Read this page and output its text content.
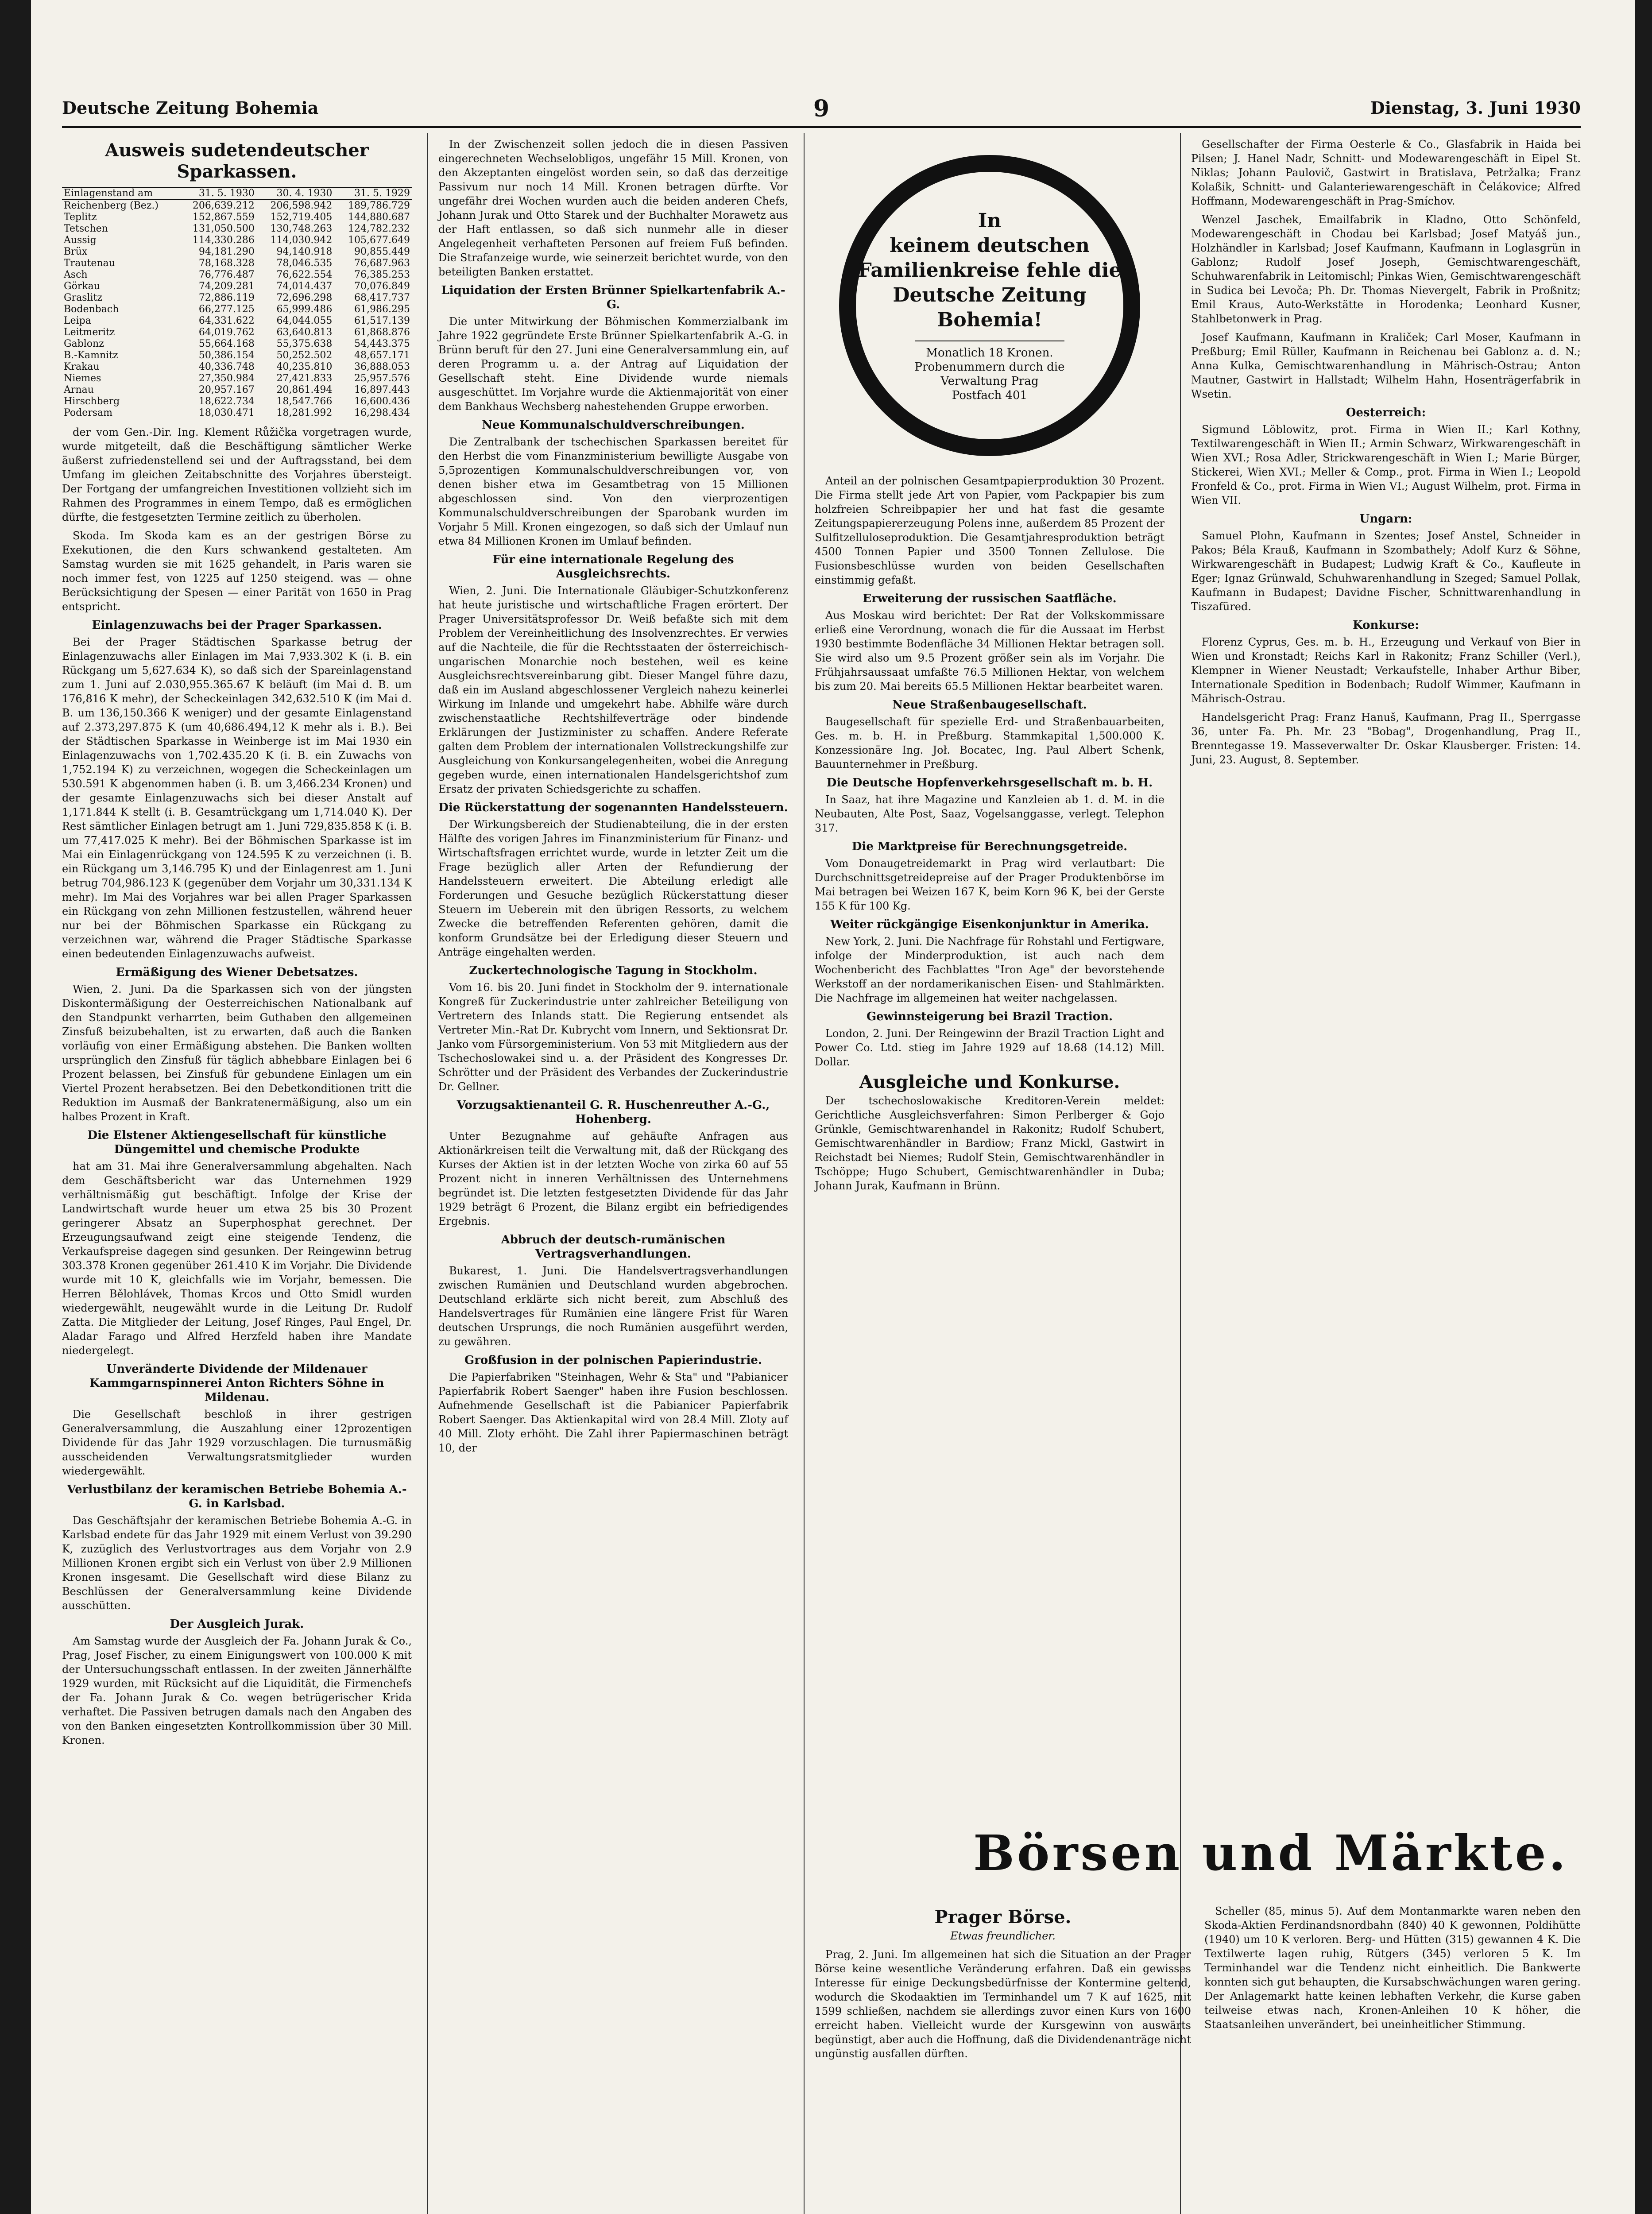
Deutsche Zeitung Bohemia	9	Dienstag, 3. Juni 1930
Ausweis sudetendeutscher Sparkassen.
Einlagenstand am	31. 5. 1930	30. 4. 1930	31. 5. 1929
Reichenberg (Bez.)	206,639.212	206,598.942	189,786.729
Teplitz	152,867.559	152,719.405	144,880.687
Tetschen	131,050.500	130,748.263	124,782.232
Aussig	114,330.286	114,030.942	105,677.649
Brüx	94,181.290	94,140.918	90,855.449
Trautenau	78,168.328	78,046.535	76,687.963
Asch	76,776.487	76,622.554	76,385.253
Görkau	74,209.281	74,014.437	70,076.849
Graslitz	72,886.119	72,696.298	68,417.737
Bodenbach	66,277.125	65,999.486	61,986.295
Leipa	64,331.622	64,044.055	61,517.139
Leitmeritz	64,019.762	63,640.813	61,868.876
Gablonz	55,664.168	55,375.638	54,443.375
B.-Kamnitz	50,386.154	50,252.502	48,657.171
Krakau	40,336.748	40,235.810	36,888.053
Niemes	27,350.984	27,421.833	25,957.576
Arnau	20,957.167	20,861.494	16,897.443
Hirschberg	18,622.734	18,547.766	16,600.436
Podersam	18,030.471	18,281.992	16,298.434

der vom Gen.-Dir. Ing. Klement Růžička vorgetragen wurde, wurde mitgeteilt, daß die Beschäftigung sämtlicher Werke äußerst zufriedenstellend sei und der Auftragsstand, bei dem Umfang im gleichen Zeitabschnitte des Vorjahres übersteigt. Der Fortgang der umfangreichen Investitionen vollzieht sich im Rahmen des Programmes in einem Tempo, daß es ermöglichen dürfte, die festgesetzten Termine zeitlich zu überholen.

Skoda. Im Skoda kam es an der gestrigen Börse zu Exekutionen, die den Kurs schwankend gestalteten. Am Samstag wurden sie mit 1625 gehandelt, in Paris waren sie noch immer fest, von 1225 auf 1250 steigend. was — ohne Berücksichtigung der Spesen — einer Parität von 1650 in Prag entspricht.

Einlagenzuwachs bei der Prager Sparkassen.

Bei der Prager Städtischen Sparkasse betrug der Einlagenzuwachs aller Einlagen im Mai 7,933.302 K (i. B. ein Rückgang um 5,627.634 K), so daß sich der Spareinlagenstand zum 1. Juni auf 2.030,955.365.67 K beläuft (im Mai d. B. um 176,816 K mehr), der Scheckeinlagen 342,632.510 K (im Mai d. B. um 136,150.366 K weniger) und der gesamte Einlagenstand auf 2.373,297.875 K (um 40,686.494,12 K mehr als i. B.). Bei der Städtischen Sparkasse in Weinberge ist im Mai 1930 ein Einlagenzuwachs von 1,702.435.20 K (i. B. ein Zuwachs von 1,752.194 K) zu verzeichnen, wogegen die Scheckeinlagen um 530.591 K abgenommen haben (i. B. um 3,466.234 Kronen) und der gesamte Einlagenzuwachs sich bei dieser Anstalt auf 1,171.844 K stellt (i. B. Gesamtrückgang um 1,714.040 K). Der Rest sämtlicher Einlagen betrugt am 1. Juni 729,835.858 K (i. B. um 77,417.025 K mehr). Bei der Böhmischen Sparkasse ist im Mai ein Einlagenrückgang von 124.595 K zu verzeichnen (i. B. ein Rückgang um 3,146.795 K) und der Einlagenrest am 1. Juni betrug 704,986.123 K (gegenüber dem Vorjahr um 30,331.134 K mehr). Im Mai des Vorjahres war bei allen Prager Sparkassen ein Rückgang von zehn Millionen festzustellen, während heuer nur bei der Böhmischen Sparkasse ein Rückgang zu verzeichnen war, während die Prager Städtische Sparkasse einen bedeutenden Einlagenzuwachs aufweist.

Ermäßigung des Wiener Debetsatzes.

Wien, 2. Juni. Da die Sparkassen sich von der jüngsten Diskontermäßigung der Oesterreichischen Nationalbank auf den Standpunkt verharrten, beim Guthaben den allgemeinen Zinsfuß beizubehalten, ist zu erwarten, daß auch die Banken vorläufig von einer Ermäßigung abstehen. Die Banken wollten ursprünglich den Zinsfuß für täglich abhebbare Einlagen bei 6 Prozent belassen, bei Zinsfuß für gebundene Einlagen um ein Viertel Prozent herabsetzen. Bei den Debetkonditionen tritt die Reduktion im Ausmaß der Bankratenermäßigung, also um ein halbes Prozent in Kraft.

Die Elstener Aktiengesellschaft für künstliche Düngemittel und chemische Produkte

hat am 31. Mai ihre Generalversammlung abgehalten. Nach dem Geschäftsbericht war das Unternehmen 1929 verhältnismäßig gut beschäftigt. Infolge der Krise der Landwirtschaft wurde heuer um etwa 25 bis 30 Prozent geringerer Absatz an Superphosphat gerechnet. Der Erzeugungsaufwand zeigt eine steigende Tendenz, die Verkaufspreise dagegen sind gesunken. Der Reingewinn betrug 303.378 Kronen gegenüber 261.410 K im Vorjahr. Die Dividende wurde mit 10 K, gleichfalls wie im Vorjahr, bemessen. Die Herren Bělohlávek, Thomas Krcos und Otto Smidl wurden wiedergewählt, neugewählt wurde in die Leitung Dr. Rudolf Zatta. Die Mitglieder der Leitung, Josef Ringes, Paul Engel, Dr. Aladar Farago und Alfred Herzfeld haben ihre Mandate niedergelegt.

Unveränderte Dividende der Mildenauer Kammgarnspinnerei Anton Richters Söhne in Mildenau.

Die Gesellschaft beschloß in ihrer gestrigen Generalversammlung, die Auszahlung einer 12prozentigen Dividende für das Jahr 1929 vorzuschlagen. Die turnusmäßig ausscheidenden Verwaltungsratsmitglieder wurden wiedergewählt.

Verlustbilanz der keramischen Betriebe Bohemia A.-G. in Karlsbad.

Das Geschäftsjahr der keramischen Betriebe Bohemia A.-G. in Karlsbad endete für das Jahr 1929 mit einem Verlust von 39.290 K, zuzüglich des Verlustvortrages aus dem Vorjahr von 2.9 Millionen Kronen ergibt sich ein Verlust von über 2.9 Millionen Kronen insgesamt. Die Gesellschaft wird diese Bilanz zu Beschlüssen der Generalversammlung keine Dividende ausschütten.

Der Ausgleich Jurak.

Am Samstag wurde der Ausgleich der Fa. Johann Jurak & Co., Prag, Josef Fischer, zu einem Einigungswert von 100.000 K mit der Untersuchungsschaft entlassen. In der zweiten Jännerhälfte 1929 wurden, mit Rücksicht auf die Liquidität, die Firmenchefs der Fa. Johann Jurak & Co. wegen betrügerischer Krida verhaftet. Die Passiven betrugen damals nach den Angaben des von den Banken eingesetzten Kontrollkommission über 30 Mill. Kronen.

In der Zwischenzeit sollen jedoch die in diesen Passiven eingerechneten Wechselobligos, ungefähr 15 Mill. Kronen, von den Akzeptanten eingelöst worden sein, so daß das derzeitige Passivum nur noch 14 Mill. Kronen betragen dürfte. Vor ungefähr drei Wochen wurden auch die beiden anderen Chefs, Johann Jurak und Otto Starek und der Buchhalter Morawetz aus der Haft entlassen, so daß sich nunmehr alle in dieser Angelegenheit verhafteten Personen auf freiem Fuß befinden. Die Strafanzeige wurde, wie seinerzeit berichtet wurde, von den beteiligten Banken erstattet.

Liquidation der Ersten Brünner Spielkartenfabrik A.-G.

Die unter Mitwirkung der Böhmischen Kommerzialbank im Jahre 1922 gegründete Erste Brünner Spielkartenfabrik A.-G. in Brünn beruft für den 27. Juni eine Generalversammlung ein, auf deren Programm u. a. der Antrag auf Liquidation der Gesellschaft steht. Eine Dividende wurde niemals ausgeschüttet. Im Vorjahre wurde die Aktienmajorität von einer dem Bankhaus Wechsberg nahestehenden Gruppe erworben.

Neue Kommunalschuldverschreibungen.

Die Zentralbank der tschechischen Sparkassen bereitet für den Herbst die vom Finanzministerium bewilligte Ausgabe von 5,5prozentigen Kommunalschuldverschreibungen vor, von denen bisher etwa im Gesamtbetrag von 15 Millionen abgeschlossen sind. Von den vierprozentigen Kommunalschuldverschreibungen der Sparobank wurden im Vorjahr 5 Mill. Kronen eingezogen, so daß sich der Umlauf nun etwa 84 Millionen Kronen im Umlauf befinden.

Für eine internationale Regelung des Ausgleichsrechts.

Wien, 2. Juni. Die Internationale Gläubiger-Schutzkonferenz hat heute juristische und wirtschaftliche Fragen erörtert. Der Prager Universitätsprofessor Dr. Weiß befaßte sich mit dem Problem der Vereinheitlichung des Insolvenzrechtes. Er verwies auf die Nachteile, die für die Rechtsstaaten der österreichisch-ungarischen Monarchie noch bestehen, weil es keine Ausgleichsrechtsvereinbarung gibt. Dieser Mangel führe dazu, daß ein im Ausland abgeschlossener Vergleich nahezu keinerlei Wirkung im Inlande und umgekehrt habe. Abhilfe wäre durch zwischenstaatliche Rechtshilfeverträge oder bindende Erklärungen der Justizminister zu schaffen. Andere Referate galten dem Problem der internationalen Vollstreckungshilfe zur Ausgleichung von Konkursangelegenheiten, wobei die Anregung gegeben wurde, einen internationalen Handelsgerichtshof zum Ersatz der privaten Schiedsgerichte zu schaffen.

Die Rückerstattung der sogenannten Handelssteuern.

Der Wirkungsbereich der Studienabteilung, die in der ersten Hälfte des vorigen Jahres im Finanzministerium für Finanz- und Wirtschaftsfragen errichtet wurde, wurde in letzter Zeit um die Frage bezüglich aller Arten der Refundierung der Handelssteuern erweitert. Die Abteilung erledigt alle Forderungen und Gesuche bezüglich Rückerstattung dieser Steuern im Ueberein mit den übrigen Ressorts, zu welchem Zwecke die betreffenden Referenten gehören, damit die konform Grundsätze bei der Erledigung dieser Steuern und Anträge eingehalten werden.

Zuckertechnologische Tagung in Stockholm.

Vom 16. bis 20. Juni findet in Stockholm der 9. internationale Kongreß für Zuckerindustrie unter zahlreicher Beteiligung von Vertretern des Inlands statt. Die Regierung entsendet als Vertreter Min.-Rat Dr. Kubrycht vom Innern, und Sektionsrat Dr. Janko vom Fürsorgeministerium. Von 53 mit Mitgliedern aus der Tschechoslowakei sind u. a. der Präsident des Kongresses Dr. Schrötter und der Präsident des Verbandes der Zuckerindustrie Dr. Gellner.

Vorzugsaktienanteil G. R. Huschenreuther A.-G., Hohenberg.

Unter Bezugnahme auf gehäufte Anfragen aus Aktionärkreisen teilt die Verwaltung mit, daß der Rückgang des Kurses der Aktien ist in der letzten Woche von zirka 60 auf 55 Prozent nicht in inneren Verhältnissen des Unternehmens begründet ist. Die letzten festgesetzten Dividende für das Jahr 1929 beträgt 6 Prozent, die Bilanz ergibt ein befriedigendes Ergebnis.

Abbruch der deutsch-rumänischen Vertragsverhandlungen.

Bukarest, 1. Juni. Die Handelsvertragsverhandlungen zwischen Rumänien und Deutschland wurden abgebrochen. Deutschland erklärte sich nicht bereit, zum Abschluß des Handelsvertrages für Rumänien eine längere Frist für Waren deutschen Ursprungs, die noch Rumänien ausgeführt werden, zu gewähren.

Großfusion in der polnischen Papierindustrie.

Die Papierfabriken "Steinhagen, Wehr & Sta" und "Pabianicer Papierfabrik Robert Saenger" haben ihre Fusion beschlossen. Aufnehmende Gesellschaft ist die Pabianicer Papierfabrik Robert Saenger. Das Aktienkapital wird von 28.4 Mill. Zloty auf 40 Mill. Zloty erhöht. Die Zahl ihrer Papiermaschinen beträgt 10, der

In
keinem deutschen
Familienkreise fehle die
Deutsche Zeitung Bohemia!
Monatlich 18 Kronen.
Probenummern durch die
Verwaltung Prag
Postfach 401

Anteil an der polnischen Gesamtpapierproduktion 30 Prozent. Die Firma stellt jede Art von Papier, vom Packpapier bis zum holzfreien Schreibpapier her und hat fast die gesamte Zeitungspapiererzeugung Polens inne, außerdem 85 Prozent der Sulfitzelluloseproduktion. Die Gesamtjahresproduktion beträgt 4500 Tonnen Papier und 3500 Tonnen Zellulose. Die Fusionsbeschlüsse wurden von beiden Gesellschaften einstimmig gefaßt.

Erweiterung der russischen Saatfläche.

Aus Moskau wird berichtet: Der Rat der Volkskommissare erließ eine Verordnung, wonach die für die Aussaat im Herbst 1930 bestimmte Bodenfläche 34 Millionen Hektar betragen soll. Sie wird also um 9.5 Prozent größer sein als im Vorjahr. Die Frühjahrsaussaat umfaßte 76.5 Millionen Hektar, von welchem bis zum 20. Mai bereits 65.5 Millionen Hektar bearbeitet waren.

Neue Straßenbaugesellschaft.

Baugesellschaft für spezielle Erd- und Straßenbauarbeiten, Ges. m. b. H. in Preßburg. Stammkapital 1,500.000 K. Konzessionäre Ing. Joł. Bocatec, Ing. Paul Albert Schenk, Bauunternehmer in Preßburg.

Die Deutsche Hopfenverkehrsgesellschaft m. b. H.

In Saaz, hat ihre Magazine und Kanzleien ab 1. d. M. in die Neubauten, Alte Post, Saaz, Vogelsanggasse, verlegt. Telephon 317.

Die Marktpreise für Berechnungsgetreide.

Vom Donaugetreidemarkt in Prag wird verlautbart: Die Durchschnittsgetreidepreise auf der Prager Produktenbörse im Mai betragen bei Weizen 167 K, beim Korn 96 K, bei der Gerste 155 K für 100 Kg.

Weiter rückgängige Eisenkonjunktur in Amerika.

New York, 2. Juni. Die Nachfrage für Rohstahl und Fertigware, infolge der Minderproduktion, ist auch nach dem Wochenbericht des Fachblattes "Iron Age" der bevorstehende Werkstoff an der nordamerikanischen Eisen- und Stahlmärkten. Die Nachfrage im allgemeinen hat weiter nachgelassen.

Gewinnsteigerung bei Brazil Traction.

London, 2. Juni. Der Reingewinn der Brazil Traction Light and Power Co. Ltd. stieg im Jahre 1929 auf 18.68 (14.12) Mill. Dollar.

Ausgleiche und Konkurse.

Der tschechoslowakische Kreditoren-Verein meldet: Gerichtliche Ausgleichsverfahren: Simon Perlberger & Gojo Grünkle, Gemischtwarenhandel in Rakonitz; Rudolf Schubert, Gemischtwarenhändler in Bardiow; Franz Mickl, Gastwirt in Reichstadt bei Niemes; Rudolf Stein, Gemischtwarenhändler in Tschöppe; Hugo Schubert, Gemischtwarenhändler in Duba; Johann Jurak, Kaufmann in Brünn.

Gesellschafter der Firma Oesterle & Co., Glasfabrik in Haida bei Pilsen; J. Hanel Nadr, Schnitt- und Modewarengeschäft in Eipel St. Niklas; Johann Paulovič, Gastwirt in Bratislava, Petržalka; Franz Kolaßik, Schnitt- und Galanteriewarengeschäft in Čelákovice; Alfred Hoffmann, Modewarengeschäft in Prag-Smíchov.

Wenzel Jaschek, Emailfabrik in Kladno, Otto Schönfeld, Modewarengeschäft in Chodau bei Karlsbad; Josef Matyáš jun., Holzhändler in Karlsbad; Josef Kaufmann, Kaufmann in Loglasgrün in Gablonz; Rudolf Josef Joseph, Gemischtwarengeschäft, Schuhwarenfabrik in Leitomischl; Pinkas Wien, Gemischtwarengeschäft in Sudica bei Levoča; Ph. Dr. Thomas Nievergelt, Fabrik in Proßnitz; Emil Kraus, Auto-Werkstätte in Horodenka; Leonhard Kusner, Stahlbetonwerk in Prag.

Josef Kaufmann, Kaufmann in Kraliček; Carl Moser, Kaufmann in Preßburg; Emil Rüller, Kaufmann in Reichenau bei Gablonz a. d. N.; Anna Kulka, Gemischtwarenhandlung in Mährisch-Ostrau; Anton Mautner, Gastwirt in Hallstadt; Wilhelm Hahn, Hosenträgerfabrik in Wsetin.

Oesterreich:

Sigmund Löblowitz, prot. Firma in Wien II.; Karl Kothny, Textilwarengeschäft in Wien II.; Armin Schwarz, Wirkwarengeschäft in Wien XVI.; Rosa Adler, Strickwarengeschäft in Wien I.; Marie Bürger, Stickerei, Wien XVI.; Meller & Comp., prot. Firma in Wien I.; Leopold Fronfeld & Co., prot. Firma in Wien VI.; August Wilhelm, prot. Firma in Wien VII.

Ungarn:

Samuel Plohn, Kaufmann in Szentes; Josef Anstel, Schneider in Pakos; Béla Krauß, Kaufmann in Szombathely; Adolf Kurz & Söhne, Wirkwarengeschäft in Budapest; Ludwig Kraft & Co., Kaufleute in Eger; Ignaz Grünwald, Schuhwarenhandlung in Szeged; Samuel Pollak, Kaufmann in Budapest; Davidne Fischer, Schnittwarenhandlung in Tiszafüred.

Konkurse:

Florenz Cyprus, Ges. m. b. H., Erzeugung und Verkauf von Bier in Wien und Kronstadt; Reichs Karl in Rakonitz; Franz Schiller (Verl.), Klempner in Wiener Neustadt; Verkaufstelle, Inhaber Arthur Biber, Internationale Spedition in Bodenbach; Rudolf Wimmer, Kaufmann in Mährisch-Ostrau.

Handelsgericht Prag: Franz Hanuš, Kaufmann, Prag II., Sperrgasse 36, unter Fa. Ph. Mr. 23 "Bobag", Drogenhandlung, Prag II., Brenntegasse 19. Masseverwalter Dr. Oskar Klausberger. Fristen: 14. Juni, 23. August, 8. September.

Börsen und Märkte.
Prager Börse.
Etwas freundlicher.

Prag, 2. Juni. Im allgemeinen hat sich die Situation an der Prager Börse keine wesentliche Veränderung erfahren. Daß ein gewisses Interesse für einige Deckungsbedürfnisse der Kontermine geltend, wodurch die Skodaaktien im Terminhandel um 7 K auf 1625, mit 1599 schließen, nachdem sie allerdings zuvor einen Kurs von 1600 erreicht haben. Vielleicht wurde der Kursgewinn von auswärts begünstigt, aber auch die Hoffnung, daß die Dividendenanträge nicht ungünstig ausfallen dürften.

Scheller (85, minus 5). Auf dem Montanmarkte waren neben den Skoda-Aktien Ferdinandsnordbahn (840) 40 K gewonnen, Poldihütte (1940) um 10 K verloren. Berg- und Hütten (315) gewannen 4 K. Die Textilwerte lagen ruhig, Rütgers (345) verloren 5 K. Im Terminhandel war die Tendenz nicht einheitlich. Die Bankwerte konnten sich gut behaupten, die Kursabschwächungen waren gering. Der Anlagemarkt hatte keinen lebhaften Verkehr, die Kurse gaben teilweise etwas nach, Kronen-Anleihen 10 K höher, die Staatsanleihen unverändert, bei uneinheitlicher Stimmung.
